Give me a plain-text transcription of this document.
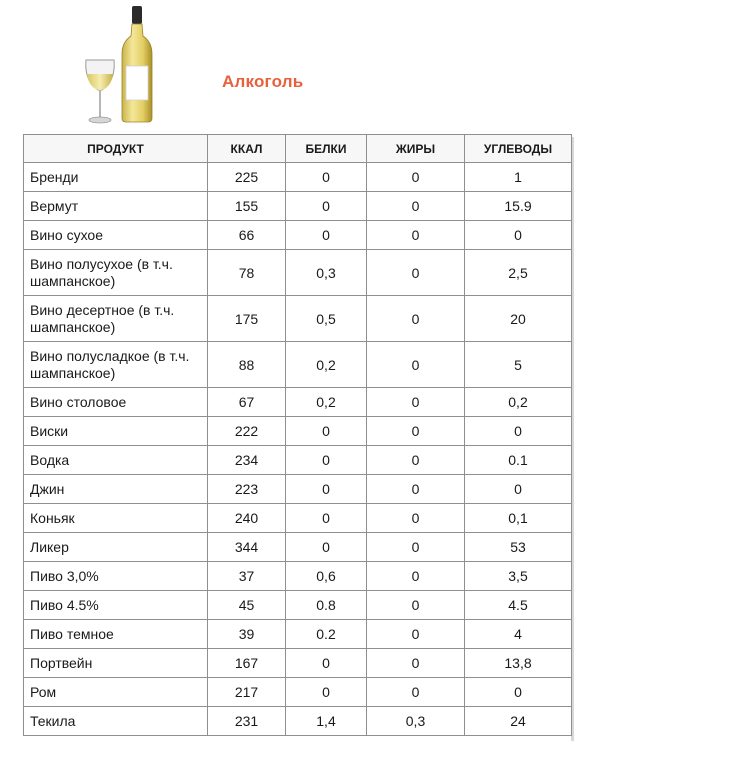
Алкоголь
ПРОДУКТ	ККАЛ	БЕЛКИ	ЖИРЫ	УГЛЕВОДЫ
Бренди	225	0	0	1
Вермут	155	0	0	15.9
Вино сухое	66	0	0	0
Вино полусухое (в т.ч. шампанское)	78	0,3	0	2,5
Вино десертное (в т.ч. шампанское)	175	0,5	0	20
Вино полусладкое (в т.ч. шампанское)	88	0,2	0	5
Вино столовое	67	0,2	0	0,2
Виски	222	0	0	0
Водка	234	0	0	0.1
Джин	223	0	0	0
Коньяк	240	0	0	0,1
Ликер	344	0	0	53
Пиво 3,0%	37	0,6	0	3,5
Пиво 4.5%	45	0.8	0	4.5
Пиво темное	39	0.2	0	4
Портвейн	167	0	0	13,8
Ром	217	0	0	0
Текила	231	1,4	0,3	24
